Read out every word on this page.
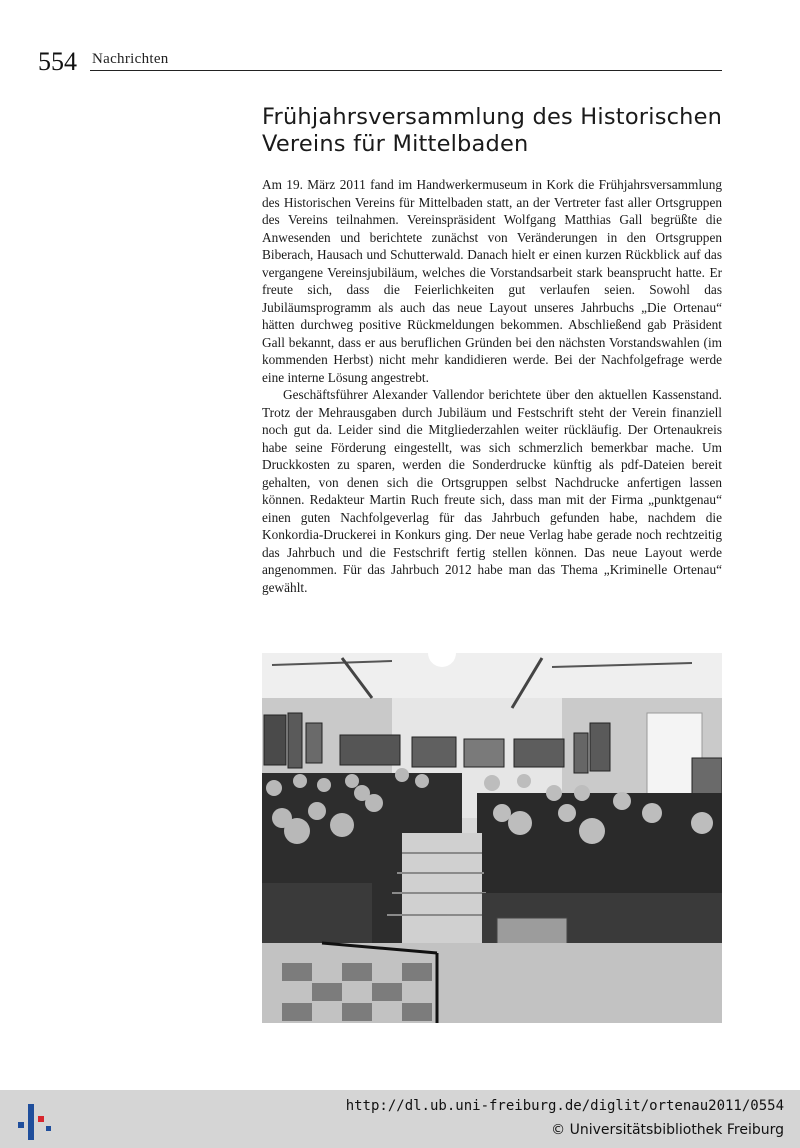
554 Nachrichten
Frühjahrsversammlung des Historischen
Vereins für Mittelbaden

Am 19. März 2011 fand im Handwerkermuseum in Kork die Frühjahrsversammlung des Historischen Vereins für Mittelbaden statt, an der Vertreter fast aller Ortsgruppen des Vereins teilnahmen. Vereinspräsident Wolfgang Matthias Gall begrüßte die Anwesenden und berichtete zunächst von Veränderungen in den Ortsgruppen Biberach, Hausach und Schutterwald. Danach hielt er einen kurzen Rückblick auf das vergangene Vereinsjubiläum, welches die Vorstandsarbeit stark beansprucht hatte. Er freute sich, dass die Feierlichkeiten gut verlaufen seien. Sowohl das Jubiläumsprogramm als auch das neue Layout unseres Jahrbuchs „Die Ortenau“ hätten durchweg positive Rückmeldungen bekommen. Abschließend gab Präsident Gall bekannt, dass er aus beruflichen Gründen bei den nächsten Vorstandswahlen (im kommenden Herbst) nicht mehr kandidieren werde. Bei der Nachfolgefrage werde eine interne Lösung angestrebt.

Geschäftsführer Alexander Vallendor berichtete über den aktuellen Kassenstand. Trotz der Mehrausgaben durch Jubiläum und Festschrift steht der Verein finanziell noch gut da. Leider sind die Mitgliederzahlen weiter rückläufig. Der Ortenaukreis habe seine Förderung eingestellt, was sich schmerzlich bemerkbar mache. Um Druckkosten zu sparen, werden die Sonderdrucke künftig als pdf-Dateien bereit gehalten, von denen sich die Ortsgruppen selbst Nachdrucke anfertigen lassen können. Redakteur Martin Ruch freute sich, dass man mit der Firma „punktgenau“ einen guten Nachfolgeverlag für das Jahrbuch gefunden habe, nachdem die Konkordia-Druckerei in Konkurs ging. Der neue Verlag habe gerade noch rechtzeitig das Jahrbuch und die Festschrift fertig stellen können. Das neue Layout werde angenommen. Für das Jahrbuch 2012 habe man das Thema „Kriminelle Ortenau“ gewählt.

http://dl.ub.uni-freiburg.de/diglit/ortenau2011/0554
© Universitätsbibliothek Freiburg
